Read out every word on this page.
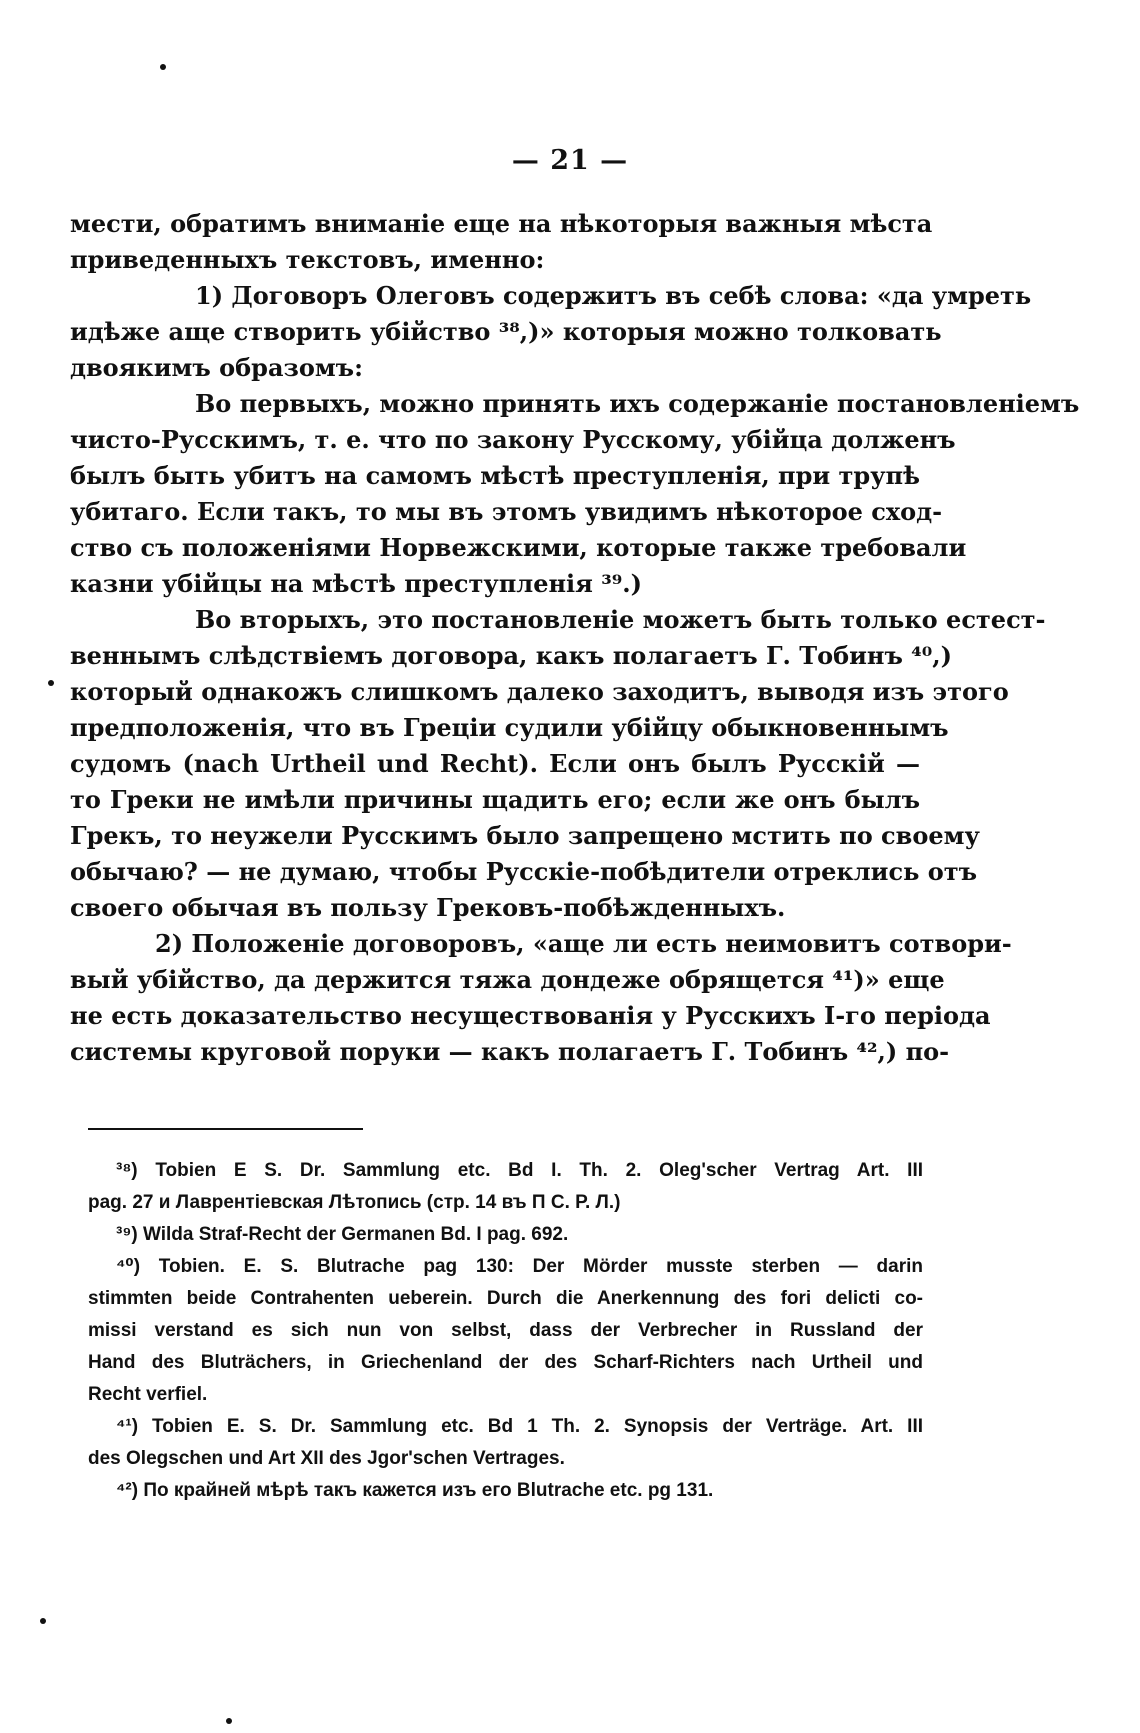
— 21 —
мести, обратимъ вниманіе еще на нѣкоторыя важныя мѣста
приведенныхъ текстовъ, именно:
1) Договоръ Олеговъ содержитъ въ себѣ слова: «да умреть
идѣже аще створить убійство ³⁸,)» которыя можно толковать
двоякимъ образомъ:
Во первыхъ, можно принять ихъ содержаніе постановленіемъ
чисто-Русскимъ, т. е. что по закону Русскому, убійца долженъ
былъ быть убитъ на самомъ мѣстѣ преступленія, при трупѣ
убитаго. Если такъ, то мы въ этомъ увидимъ нѣкоторое сход-
ство съ положеніями Норвежскими, которые также требовали
казни убійцы на мѣстѣ преступленія ³⁹.)
Во вторыхъ, это постановленіе можетъ быть только естест-
веннымъ слѣдствіемъ договора, какъ полагаетъ Г. Тобинъ ⁴⁰,)
который однакожъ слишкомъ далеко заходитъ, выводя изъ этого
предположенія, что въ Греціи судили убійцу обыкновеннымъ
судомъ (nach Urtheil und Recht). Если онъ былъ Русскій —
то Греки не имѣли причины щадить его; если же онъ былъ
Грекъ, то неужели Русскимъ было запрещено мстить по своему
обычаю? — не думаю, чтобы Русскіе-побѣдители отреклись отъ
своего обычая въ пользу Грековъ-побѣжденныхъ.
2) Положеніе договоровъ, «аще ли есть неимовитъ сотвори-
вый убійство, да держится тяжа дондеже обрящется ⁴¹)» еще
не есть доказательство несуществованія у Русскихъ I-го періода
системы круговой поруки — какъ полагаетъ Г. Тобинъ ⁴²,) по-
³⁸) Tobien E S. Dr. Sammlung etc. Bd I. Th. 2. Oleg'scher Vertrag Art. III
pag. 27 и Лаврентіевская Лѣтопись (стр. 14 въ П С. Р. Л.)
³⁹) Wilda Straf-Recht der Germanen Bd. I pag. 692.
⁴⁰) Tobien. E. S. Blutrache pag 130: Der Mörder musste sterben — darin
stimmten beide Contrahenten ueberein. Durch die Anerkennung des fori delicti co-
missi verstand es sich nun von selbst, dass der Verbrecher in Russland der
Hand des Bluträchers, in Griechenland der des Scharf-Richters nach Urtheil und
Recht verfiel.
⁴¹) Tobien E. S. Dr. Sammlung etc. Bd 1 Th. 2. Synopsis der Verträge. Art. III
des Olegschen und Art XII des Jgor'schen Vertrages.
⁴²) По крайней мѣрѣ такъ кажется изъ его Blutrache etc. pg 131.
